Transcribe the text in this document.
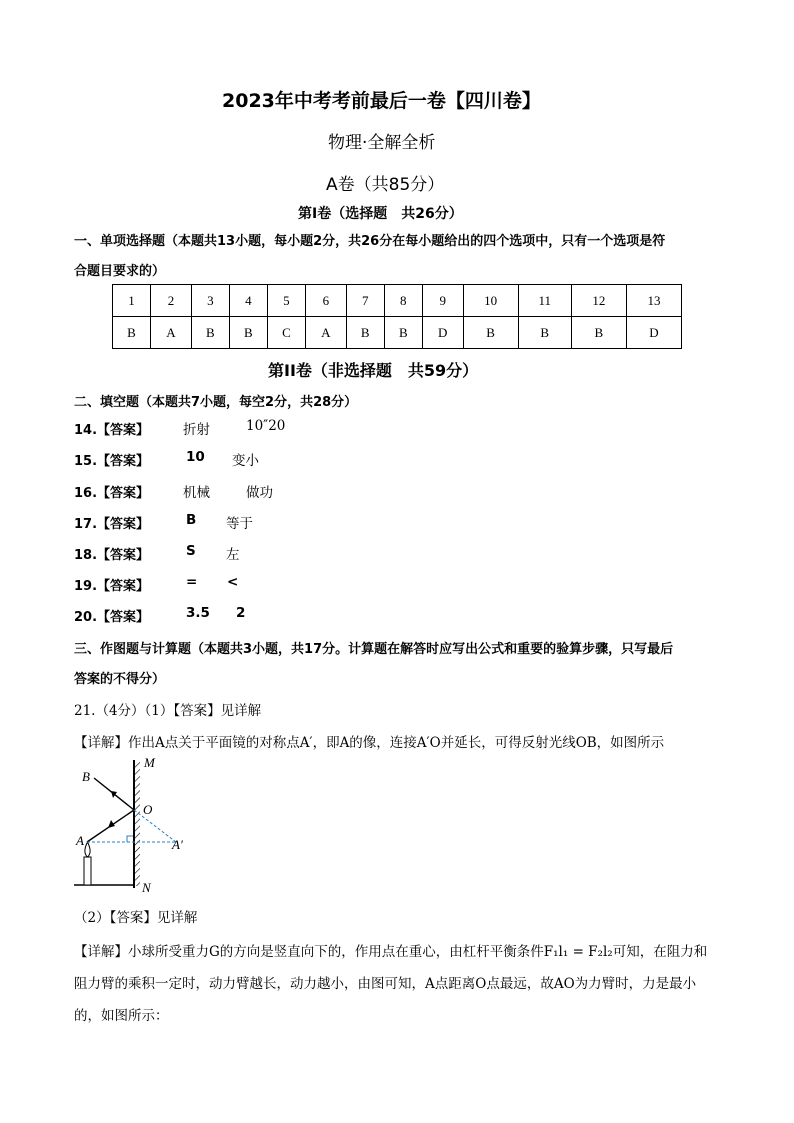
2023年中考考前最后一卷【四川卷】
物理·全解全析
A卷（共85分）
第I卷（选择题　共26分）
一、单项选择题（本题共13小题，每小题2分，共26分在每小题给出的四个选项中，只有一个选项是符
合题目要求的）
1	2	3	4	5	6	7	8	9	10	11	12	13
B	A	B	B	C	A	B	B	D	B	B	B	D
第II卷（非选择题　共59分）
二、填空题（本题共7小题，每空2分，共28分）
14.【答案】	折射	10″20
15.【答案】	10 变小
16.【答案】	机械	做功
17.【答案】	B 等于
18.【答案】	S 左
19.【答案】	= <
20.【答案】	3.5 2
三、作图题与计算题（本题共3小题，共17分。计算题在解答时应写出公式和重要的验算步骤，只写最后
答案的不得分）
21.（4分）（1）【答案】见详解
【详解】作出A点关于平面镜的对称点A′，即A的像，连接A′O并延长，可得反射光线OB，如图所示
B
M
O
A	A′
N
（2）【答案】见详解
【详解】小球所受重力G的方向是竖直向下的，作用点在重心，由杠杆平衡条件F₁l₁ = F₂l₂可知，在阻力和
阻力臂的乘积一定时，动力臂越长，动力越小，由图可知，A点距离O点最远，故AO为力臂时，力是最小
的，如图所示：
